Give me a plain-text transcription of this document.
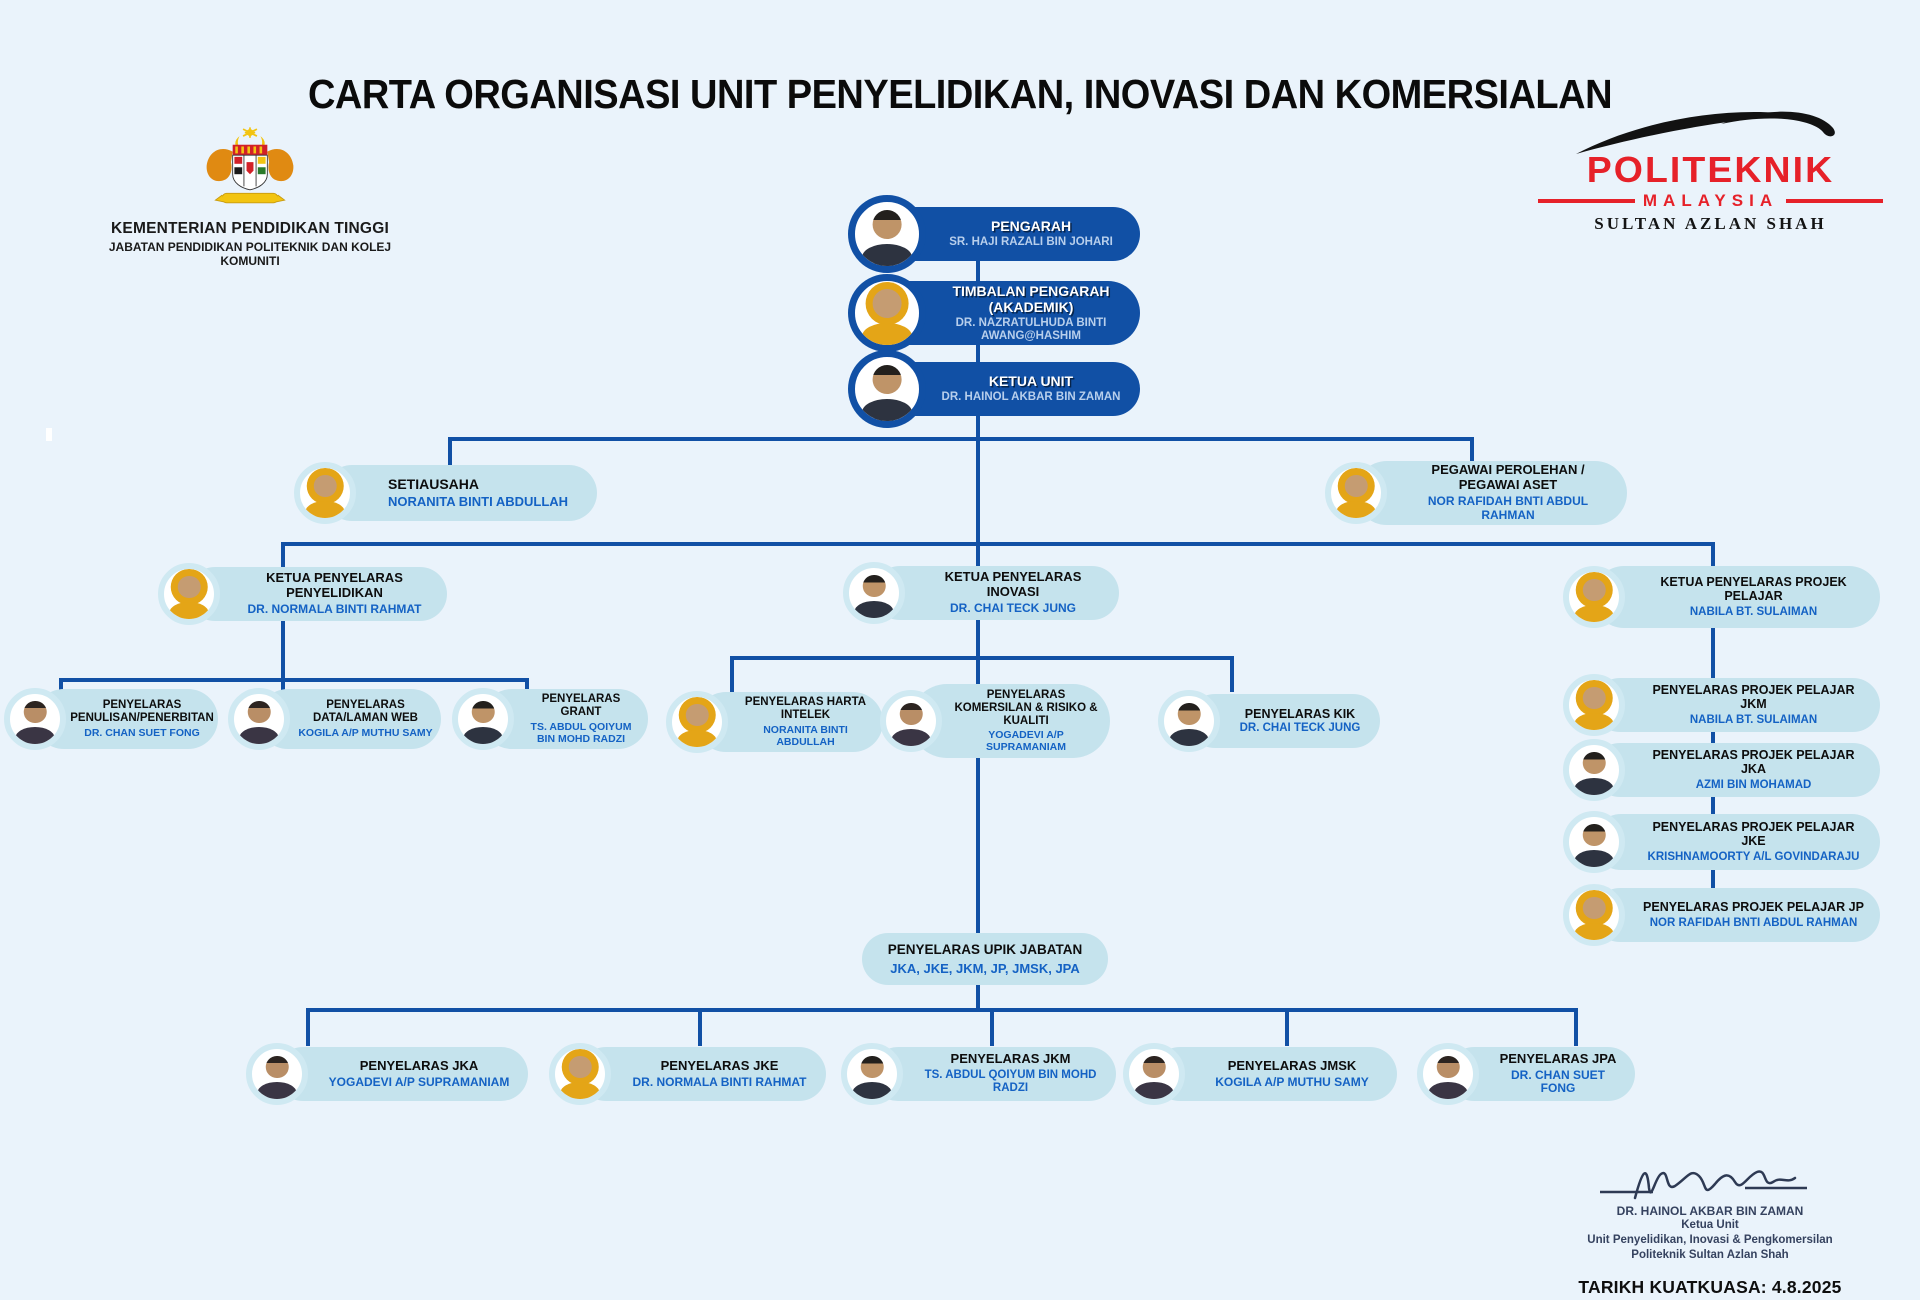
CARTA ORGANISASI UNIT PENYELIDIKAN, INOVASI DAN KOMERSIALAN
KEMENTERIAN PENDIDIKAN TINGGI
JABATAN PENDIDIKAN POLITEKNIK DAN KOLEJ KOMUNITI
POLITEKNIK
MALAYSIA
SULTAN AZLAN SHAH
PENGARAH
SR. HAJI RAZALI BIN JOHARI
TIMBALAN PENGARAH (AKADEMIK)
DR. NAZRATULHUDA BINTI AWANG@HASHIM
KETUA UNIT
DR. HAINOL AKBAR BIN ZAMAN
SETIAUSAHA
NORANITA BINTI ABDULLAH
PEGAWAI PEROLEHAN / PEGAWAI ASET
NOR RAFIDAH BNTI ABDUL RAHMAN
KETUA PENYELARAS PENYELIDIKAN
DR. NORMALA BINTI RAHMAT
KETUA PENYELARAS INOVASI
DR. CHAI TECK JUNG
KETUA PENYELARAS PROJEK PELAJAR
NABILA BT. SULAIMAN
PENYELARAS PENULISAN/PENERBITAN
DR. CHAN SUET FONG
PENYELARAS DATA/LAMAN WEB
KOGILA A/P MUTHU SAMY
PENYELARAS GRANT
TS. ABDUL QOIYUM BIN MOHD RADZI
PENYELARAS HARTA INTELEK
NORANITA BINTI ABDULLAH
PENYELARAS KOMERSILAN & RISIKO & KUALITI
YOGADEVI A/P SUPRAMANIAM
PENYELARAS KIK
DR. CHAI TECK JUNG
PENYELARAS PROJEK PELAJAR JKM
NABILA BT. SULAIMAN
PENYELARAS PROJEK PELAJAR JKA
AZMI BIN MOHAMAD
PENYELARAS PROJEK PELAJAR JKE
KRISHNAMOORTY A/L GOVINDARAJU
PENYELARAS PROJEK PELAJAR JP
NOR RAFIDAH BNTI ABDUL RAHMAN
PENYELARAS UPIK JABATAN
JKA, JKE, JKM, JP, JMSK, JPA
PENYELARAS JKA
YOGADEVI A/P SUPRAMANIAM
PENYELARAS JKE
DR. NORMALA BINTI RAHMAT
PENYELARAS JKM
TS. ABDUL QOIYUM BIN MOHD RADZI
PENYELARAS JMSK
KOGILA A/P MUTHU SAMY
PENYELARAS JPA
DR. CHAN SUET FONG
DR. HAINOL AKBAR BIN ZAMAN
Ketua Unit
Unit Penyelidikan, Inovasi & Pengkomersilan
Politeknik Sultan Azlan Shah
TARIKH KUATKUASA: 4.8.2025
